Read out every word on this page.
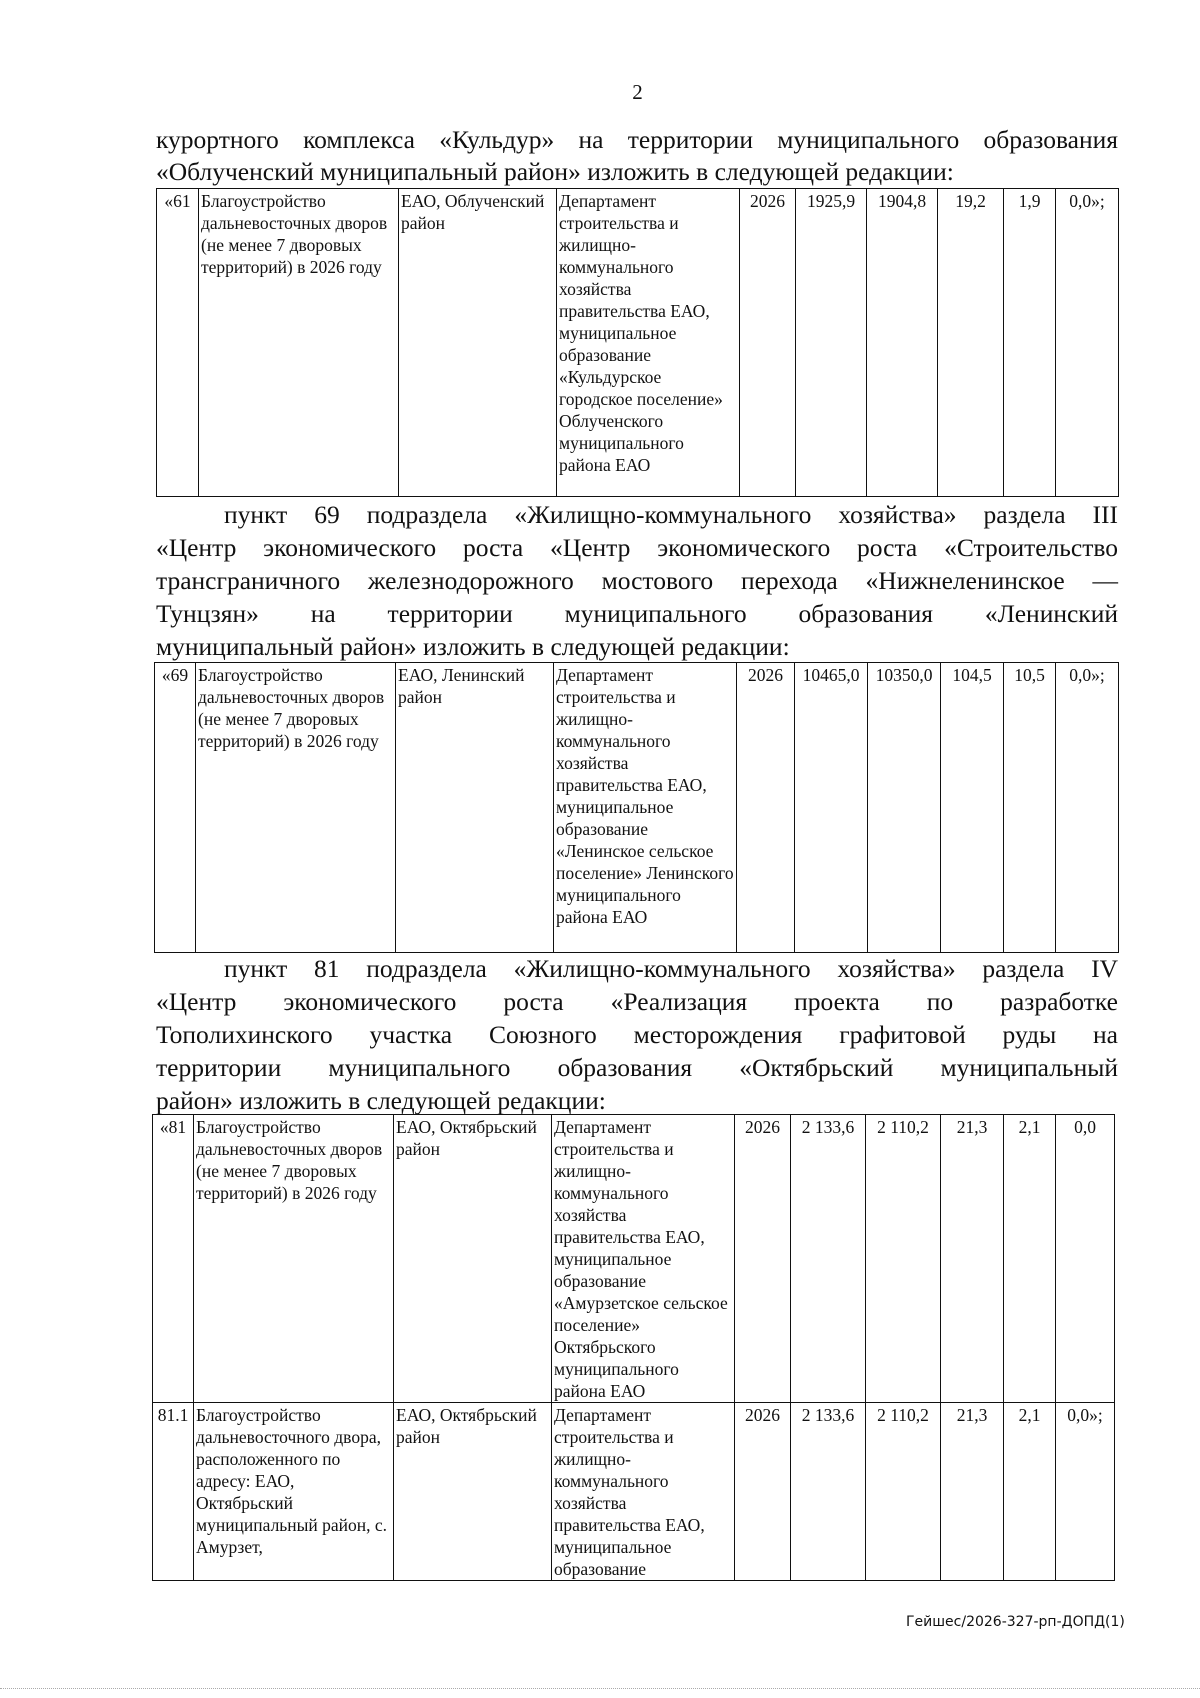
2
курортного комплекса «Кульдур» на территории муниципального образования
«Облученский муниципальный район» изложить в следующей редакции:
«61	Благоустройство дальневосточных дворов (не менее 7 дворовых территорий) в 2026 году	ЕАО, Облученский район	Департамент строительства и жилищно-коммунального хозяйства правительства ЕАО, муниципальное образование «Кульдурское городское поселение» Облученского муниципального района ЕАО	2026	1925,9	1904,8	19,2	1,9	0,0»;
пункт 69 подраздела «Жилищно-коммунального хозяйства» раздела III
«Центр экономического роста «Центр экономического роста «Строительство
трансграничного железнодорожного мостового перехода «Нижнеленинское —
Тунцзян» на территории муниципального образования «Ленинский
муниципальный район» изложить в следующей редакции:
«69	Благоустройство дальневосточных дворов (не менее 7 дворовых территорий) в 2026 году	ЕАО, Ленинский район	Департамент строительства и жилищно-коммунального хозяйства правительства ЕАО, муниципальное образование «Ленинское сельское поселение» Ленинского муниципального района ЕАО	2026	10465,0	10350,0	104,5	10,5	0,0»;
пункт 81 подраздела «Жилищно-коммунального хозяйства» раздела IV
«Центр экономического роста «Реализация проекта по разработке
Тополихинского участка Союзного месторождения графитовой руды на
территории муниципального образования «Октябрьский муниципальный
район» изложить в следующей редакции:
«81	Благоустройство дальневосточных дворов (не менее 7 дворовых территорий) в 2026 году	ЕАО, Октябрьский район	Департамент строительства и жилищно-коммунального хозяйства правительства ЕАО, муниципальное образование «Амурзетское сельское поселение» Октябрьского муниципального района ЕАО	2026	2 133,6	2 110,2	21,3	2,1	0,0
81.1	Благоустройство дальневосточного двора, расположенного по адресу: ЕАО, Октябрьский муниципальный район, с. Амурзет,	ЕАО, Октябрьский район	Департамент строительства и жилищно-коммунального хозяйства правительства ЕАО, муниципальное образование	2026	2 133,6	2 110,2	21,3	2,1	0,0»;
Гейшес/2026-327-рп-ДОПД(1)
